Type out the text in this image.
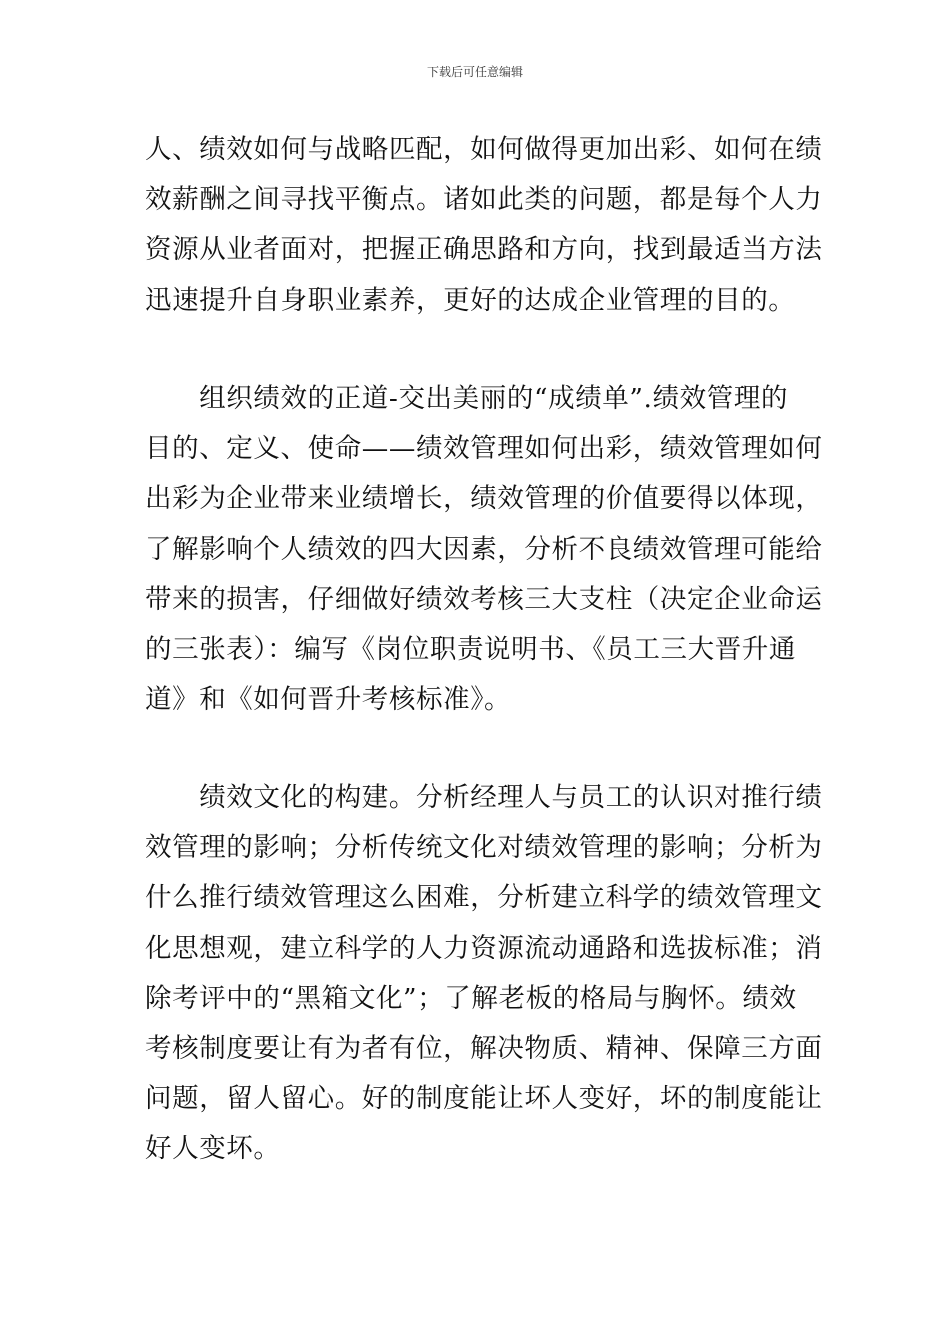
下载后可任意编辑
人、绩效如何与战略匹配，如何做得更加出彩、如何在绩
效薪酬之间寻找平衡点。诸如此类的问题，都是每个人力
资源从业者面对，把握正确思路和方向，找到最适当方法
迅速提升自身职业素养，更好的达成企业管理的目的。
　　组织绩效的正道-交出美丽的“成绩单”.绩效管理的
目的、定义、使命——绩效管理如何出彩，绩效管理如何
出彩为企业带来业绩增长，绩效管理的价值要得以体现，
了解影响个人绩效的四大因素，分析不良绩效管理可能给
带来的损害，仔细做好绩效考核三大支柱（决定企业命运
的三张表）：编写《岗位职责说明书、《员工三大晋升通
道》和《如何晋升考核标准》。
　　绩效文化的构建。分析经理人与员工的认识对推行绩
效管理的影响；分析传统文化对绩效管理的影响；分析为
什么推行绩效管理这么困难，分析建立科学的绩效管理文
化思想观，建立科学的人力资源流动通路和选拔标准；消
除考评中的“黑箱文化”；了解老板的格局与胸怀。绩效
考核制度要让有为者有位，解决物质、精神、保障三方面
问题，留人留心。好的制度能让坏人变好，坏的制度能让
好人变坏。
